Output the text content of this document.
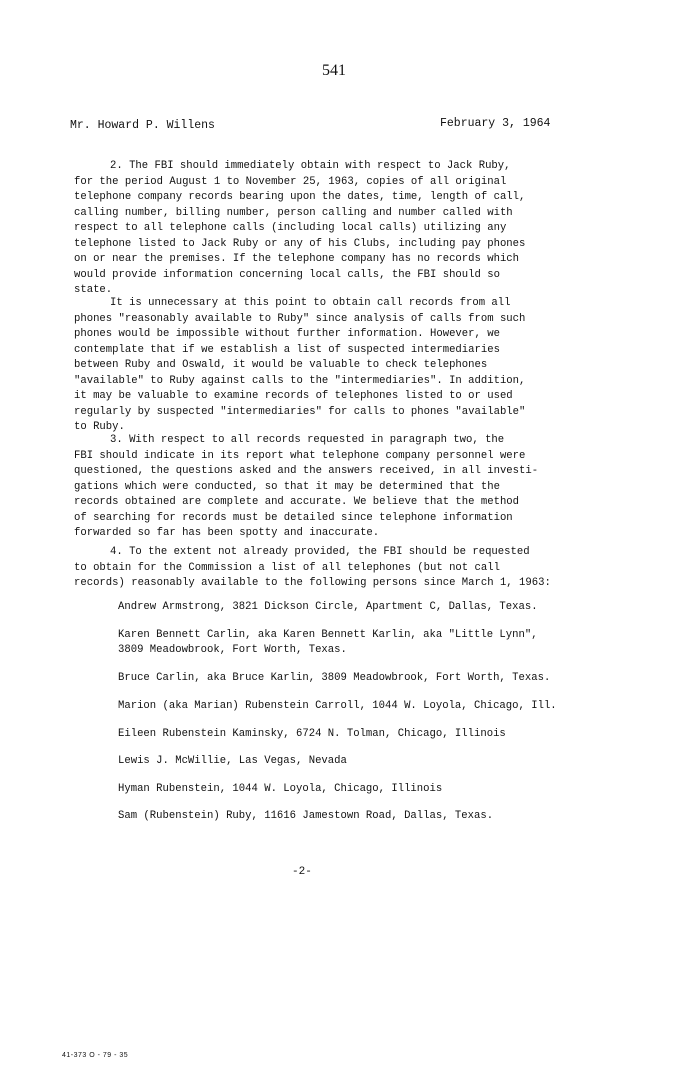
541
Mr. Howard P. Willens	February 3, 1964
2. The FBI should immediately obtain with respect to Jack Ruby,
for the period August 1 to November 25, 1963, copies of all original
telephone company records bearing upon the dates, time, length of call,
calling number, billing number, person calling and number called with
respect to all telephone calls (including local calls) utilizing any
telephone listed to Jack Ruby or any of his Clubs, including pay phones
on or near the premises. If the telephone company has no records which
would provide information concerning local calls, the FBI should so
state.
It is unnecessary at this point to obtain call records from all
phones "reasonably available to Ruby" since analysis of calls from such
phones would be impossible without further information. However, we
contemplate that if we establish a list of suspected intermediaries
between Ruby and Oswald, it would be valuable to check telephones
"available" to Ruby against calls to the "intermediaries". In addition,
it may be valuable to examine records of telephones listed to or used
regularly by suspected "intermediaries" for calls to phones "available"
to Ruby.
3. With respect to all records requested in paragraph two, the
FBI should indicate in its report what telephone company personnel were
questioned, the questions asked and the answers received, in all investi-
gations which were conducted, so that it may be determined that the
records obtained are complete and accurate. We believe that the method
of searching for records must be detailed since telephone information
forwarded so far has been spotty and inaccurate.
4. To the extent not already provided, the FBI should be requested
to obtain for the Commission a list of all telephones (but not call
records) reasonably available to the following persons since March 1, 1963:
Andrew Armstrong, 3821 Dickson Circle, Apartment C, Dallas, Texas.
Karen Bennett Carlin, aka Karen Bennett Karlin, aka "Little Lynn",
3809 Meadowbrook, Fort Worth, Texas.
Bruce Carlin, aka Bruce Karlin, 3809 Meadowbrook, Fort Worth, Texas.
Marion (aka Marian) Rubenstein Carroll, 1044 W. Loyola, Chicago, Ill.
Eileen Rubenstein Kaminsky, 6724 N. Tolman, Chicago, Illinois
Lewis J. McWillie, Las Vegas, Nevada
Hyman Rubenstein, 1044 W. Loyola, Chicago, Illinois
Sam (Rubenstein) Ruby, 11616 Jamestown Road, Dallas, Texas.
-2-
41-373 O - 79 - 35
